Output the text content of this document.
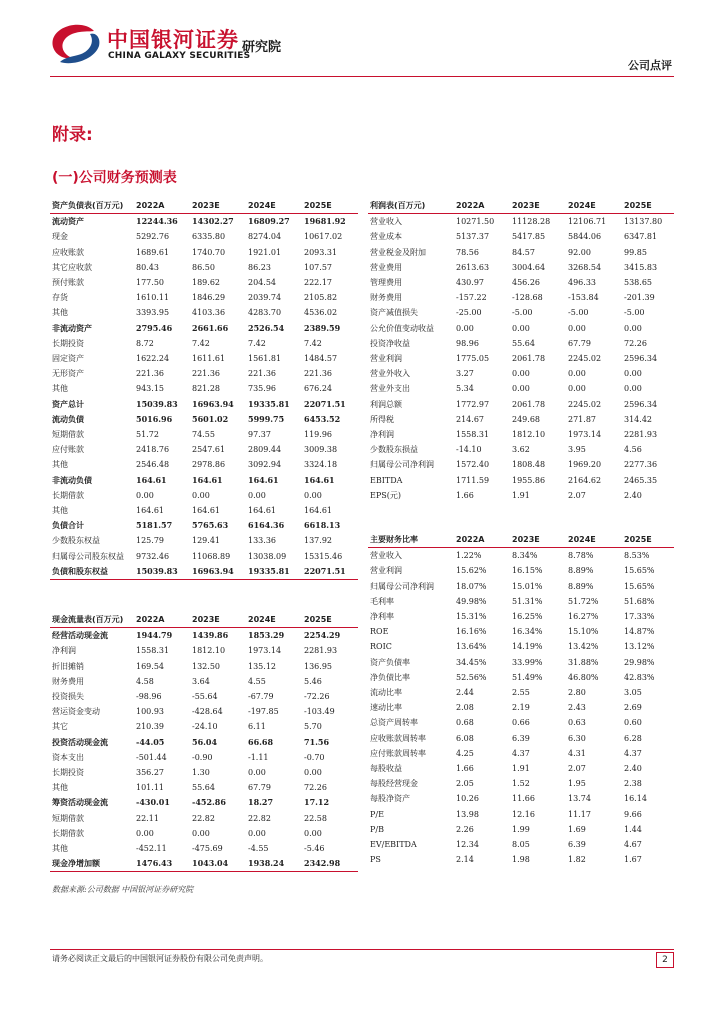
中国银河证券
CHINA GALAXY SECURITIES
研究院
公司点评
附录:
(一)公司财务预测表
资产负债表(百万元)	2022A	2023E	2024E	2025E
流动资产	12244.36	14302.27	16809.27	19681.92
现金	5292.76	6335.80	8274.04	10617.02
应收账款	1689.61	1740.70	1921.01	2093.31
其它应收款	80.43	86.50	86.23	107.57
预付账款	177.50	189.62	204.54	222.17
存货	1610.11	1846.29	2039.74	2105.82
其他	3393.95	4103.36	4283.70	4536.02
非流动资产	2795.46	2661.66	2526.54	2389.59
长期投资	8.72	7.42	7.42	7.42
固定资产	1622.24	1611.61	1561.81	1484.57
无形资产	221.36	221.36	221.36	221.36
其他	943.15	821.28	735.96	676.24
资产总计	15039.83	16963.94	19335.81	22071.51
流动负债	5016.96	5601.02	5999.75	6453.52
短期借款	51.72	74.55	97.37	119.96
应付账款	2418.76	2547.61	2809.44	3009.38
其他	2546.48	2978.86	3092.94	3324.18
非流动负债	164.61	164.61	164.61	164.61
长期借款	0.00	0.00	0.00	0.00
其他	164.61	164.61	164.61	164.61
负债合计	5181.57	5765.63	6164.36	6618.13
少数股东权益	125.79	129.41	133.36	137.92
归属母公司股东权益	9732.46	11068.89	13038.09	15315.46
负债和股东权益	15039.83	16963.94	19335.81	22071.51
利润表(百万元)	2022A	2023E	2024E	2025E
营业收入	10271.50	11128.28	12106.71	13137.80
营业成本	5137.37	5417.85	5844.06	6347.81
营业税金及附加	78.56	84.57	92.00	99.85
营业费用	2613.63	3004.64	3268.54	3415.83
管理费用	430.97	456.26	496.33	538.65
财务费用	-157.22	-128.68	-153.84	-201.39
资产减值损失	-25.00	-5.00	-5.00	-5.00
公允价值变动收益	0.00	0.00	0.00	0.00
投资净收益	98.96	55.64	67.79	72.26
营业利润	1775.05	2061.78	2245.02	2596.34
营业外收入	3.27	0.00	0.00	0.00
营业外支出	5.34	0.00	0.00	0.00
利润总额	1772.97	2061.78	2245.02	2596.34
所得税	214.67	249.68	271.87	314.42
净利润	1558.31	1812.10	1973.14	2281.93
少数股东损益	-14.10	3.62	3.95	4.56
归属母公司净利润	1572.40	1808.48	1969.20	2277.36
EBITDA	1711.59	1955.86	2164.62	2465.35
EPS(元)	1.66	1.91	2.07	2.40
主要财务比率	2022A	2023E	2024E	2025E
营业收入	1.22%	8.34%	8.78%	8.53%
营业利润	15.62%	16.15%	8.89%	15.65%
归属母公司净利润	18.07%	15.01%	8.89%	15.65%
毛利率	49.98%	51.31%	51.72%	51.68%
净利率	15.31%	16.25%	16.27%	17.33%
ROE	16.16%	16.34%	15.10%	14.87%
ROIC	13.64%	14.19%	13.42%	13.12%
资产负债率	34.45%	33.99%	31.88%	29.98%
净负债比率	52.56%	51.49%	46.80%	42.83%
流动比率	2.44	2.55	2.80	3.05
速动比率	2.08	2.19	2.43	2.69
总资产周转率	0.68	0.66	0.63	0.60
应收账款周转率	6.08	6.39	6.30	6.28
应付账款周转率	4.25	4.37	4.31	4.37
每股收益	1.66	1.91	2.07	2.40
每股经营现金	2.05	1.52	1.95	2.38
每股净资产	10.26	11.66	13.74	16.14
P/E	13.98	12.16	11.17	9.66
P/B	2.26	1.99	1.69	1.44
EV/EBITDA	12.34	8.05	6.39	4.67
PS	2.14	1.98	1.82	1.67
现金流量表(百万元)	2022A	2023E	2024E	2025E
经营活动现金流	1944.79	1439.86	1853.29	2254.29
净利润	1558.31	1812.10	1973.14	2281.93
折旧摊销	169.54	132.50	135.12	136.95
财务费用	4.58	3.64	4.55	5.46
投资损失	-98.96	-55.64	-67.79	-72.26
营运资金变动	100.93	-428.64	-197.85	-103.49
其它	210.39	-24.10	6.11	5.70
投资活动现金流	-44.05	56.04	66.68	71.56
资本支出	-501.44	-0.90	-1.11	-0.70
长期投资	356.27	1.30	0.00	0.00
其他	101.11	55.64	67.79	72.26
筹资活动现金流	-430.01	-452.86	18.27	17.12
短期借款	22.11	22.82	22.82	22.58
长期借款	0.00	0.00	0.00	0.00
其他	-452.11	-475.69	-4.55	-5.46
现金净增加额	1476.43	1043.04	1938.24	2342.98
数据来源:公司数据 中国银河证券研究院
请务必阅读正文最后的中国银河证券股份有限公司免责声明。	2
